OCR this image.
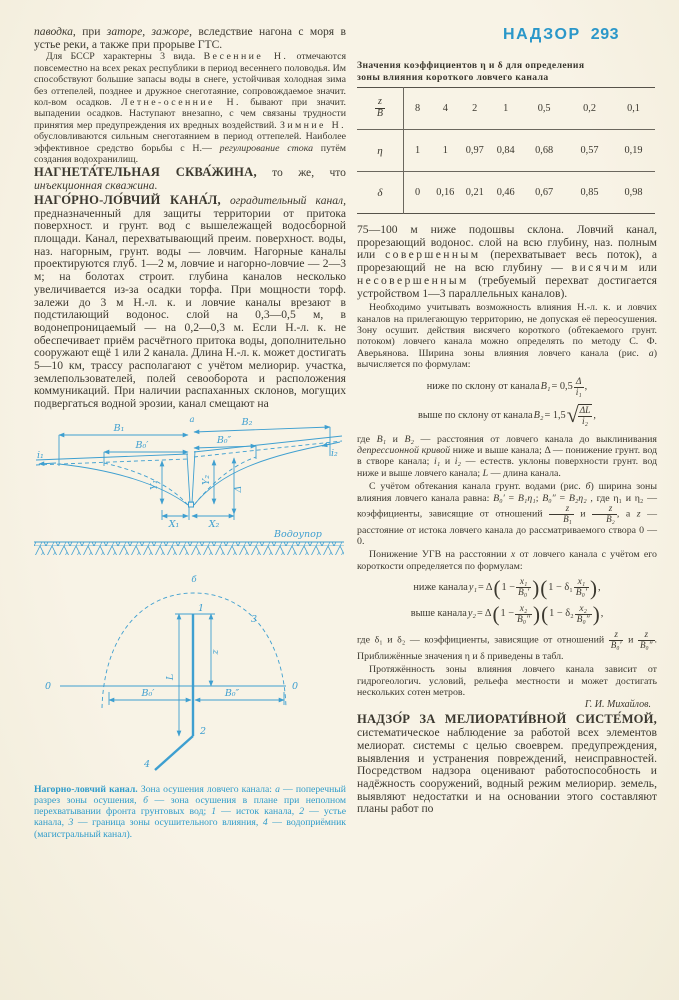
паводка, при заторе, зажоре, вследствие нагона с моря в устье реки, а также при прорыве ГТС.

Для БССР характерны 3 вида. Весенние Н. отмечаются повсеместно на всех реках республики в период весеннего половодья. Им способствуют большие запасы воды в снеге, устойчивая холодная зима без оттепелей, позднее и дружное снеготаяние, сопровождаемое значит. кол-вом осадков. Летне-осенние Н. бывают при значит. выпадении осадков. Наступают внезапно, с чем связаны трудности принятия мер предупреждения их вредных воздействий. Зимние Н. обусловливаются сильным снеготаянием в период оттепелей. Наиболее эффективное средство борьбы с Н.— регулирование стока путём создания водохранилищ.

НАГНЕТА́ТЕЛЬНАЯ СКВА́ЖИНА, то же, что инъекционная скважина.

НАГО́РНО-ЛО́ВЧИЙ КАНА́Л, оградительный канал, предназначенный для защиты территории от притока поверхност. и грунт. вод с вышележащей водосборной площади. Канал, перехватывающий преим. поверхност. воды, наз. нагорным, грунт. воды — ловчим. Нагорные каналы проектируются глуб. 1—2 м, ловчие и нагорно-ловчие — 2—3 м; на болотах строит. глубина каналов несколько увеличивается из-за осадки торфа. При мощности торф. залежи до 3 м Н.-л. к. и ловчие каналы врезают в подстилающий водонос. слой на 0,3—0,5 м, в водонепроницаемый — на 0,2—0,3 м. Если Н.-л. к. не обеспечивает приём расчётного притока воды, дополнительно сооружают ещё 1 или 2 канала. Длина Н.-л. к. может достигать 5—10 км, трассу располагают с учётом мелиорир. участка, землепользователей, полей севооборота и расположения коммуникаций. При наличии распаханных склонов, могущих подвергаться водной эрозии, канал смещают на

а
B₁
B₂
B₀′	B₀″
i₁	i₂
Y₁	Y₂
Δ
X₁	X₂
Водоупор
б
3
0	0
B₀′	B₀″
L
z
1
2
4

Нагорно-ловчий канал. Зона осушения ловчего канала: а — поперечный разрез зоны осушения, б — зона осушения в плане при неполном перехватывании фронта грунтовых вод; 1 — исток канала, 2 — устье канала, 3 — граница зоны осушительного влияния, 4 — водоприёмник (магистральный канал).

НАДЗОР 293
Значения коэффициентов η и δ для определения
зоны влияния короткого ловчего канала
$\frac{z}{B}$	8	4	2	1	0,5	0,2	0,1
η	1	1	0,97	0,84	0,68	0,57	0,19
δ	0	0,16	0,21	0,46	0,67	0,85	0,98

75—100 м ниже подошвы склона. Ловчий канал, прорезающий водонос. слой на всю глубину, наз. полным или совершенным (перехватывает весь поток), а прорезающий не на всю глубину — висячим или несовершенным (требуемый перехват достигается устройством 1—3 параллельных каналов).

Необходимо учитывать возможность влияния Н.-л. к. и ловчих каналов на прилегающую территорию, не допуская её переосушения. Зону осушит. действия висячего короткого (обтекаемого грунт. потоком) ловчего канала можно определять по методу С. Ф. Аверьянова. Ширина зоны влияния ловчего канала (рис. а) вычисляется по формулам:

ниже по склону от канала $B_1 = 0,5 \frac{\Delta}{\text{i₁}}$ ,
выше по склону от канала B₂ = 1,5 √ $\frac{\Delta L}{\text{i₂}}$ ,

где B₁ и B₂ — расстояния от ловчего канала до выклинивания депрессионной кривой ниже и выше канала; Δ — понижение грунт. вод в створе канала; i₁ и i₂ — естеств. уклоны поверхности грунт. вод ниже и выше ловчего канала; L — длина канала.

С учётом обтекания канала грунт. водами (рис. б) ширина зоны влияния ловчего канала равна: B₀′ = B₁η₁; B₀″ = B₂η₂ , где η₁ и η₂ — коэффициенты, зависящие от отношений $\frac{z}{\text{B₁}}$ и $\frac{z}{\text{B₂}}$ , а z — расстояние от истока ловчего канала до рассматриваемого створа 0 — 0.

Понижение УГВ на расстоянии x от ловчего канала с учётом его короткости определяется по формулам:

ниже канала y₁ = Δ ( $1 - \frac{\text{x₁}}{\text{B₀′}}$ ) ( $1 - \delta_1 \frac{\text{x₁}}{\text{B₀′}}$ ) ,
выше канала y₂ = Δ ( $1 - \frac{\text{x₂}}{\text{B₀″}}$ ) ( $1 - \delta_2 \frac{\text{x₂}}{\text{B₀″}}$ ) ,

где δ₁ и δ₂ — коэффициенты, зависящие от отношений $\frac{z}{\text{B₀′}}$ и $\frac{z}{\text{B₀″}}$ . Приближённые значения η и δ приведены в табл.

Протяжённость зоны влияния ловчего канала зависит от гидрогеологич. условий, рельефа местности и может достигать нескольких сотен метров.

Г. И. Михайлов.

НАДЗО́Р ЗА МЕЛИОРАТИ́ВНОЙ СИСТЕ́МОЙ, систематическое наблюдение за работой всех элементов мелиорат. системы с целью своеврем. предупреждения, выявления и устранения повреждений, неисправностей. Посредством надзора оценивают работоспособность и надёжность сооружений, водный режим мелиорир. земель, выявляют недостатки и на основании этого составляют планы работ по
